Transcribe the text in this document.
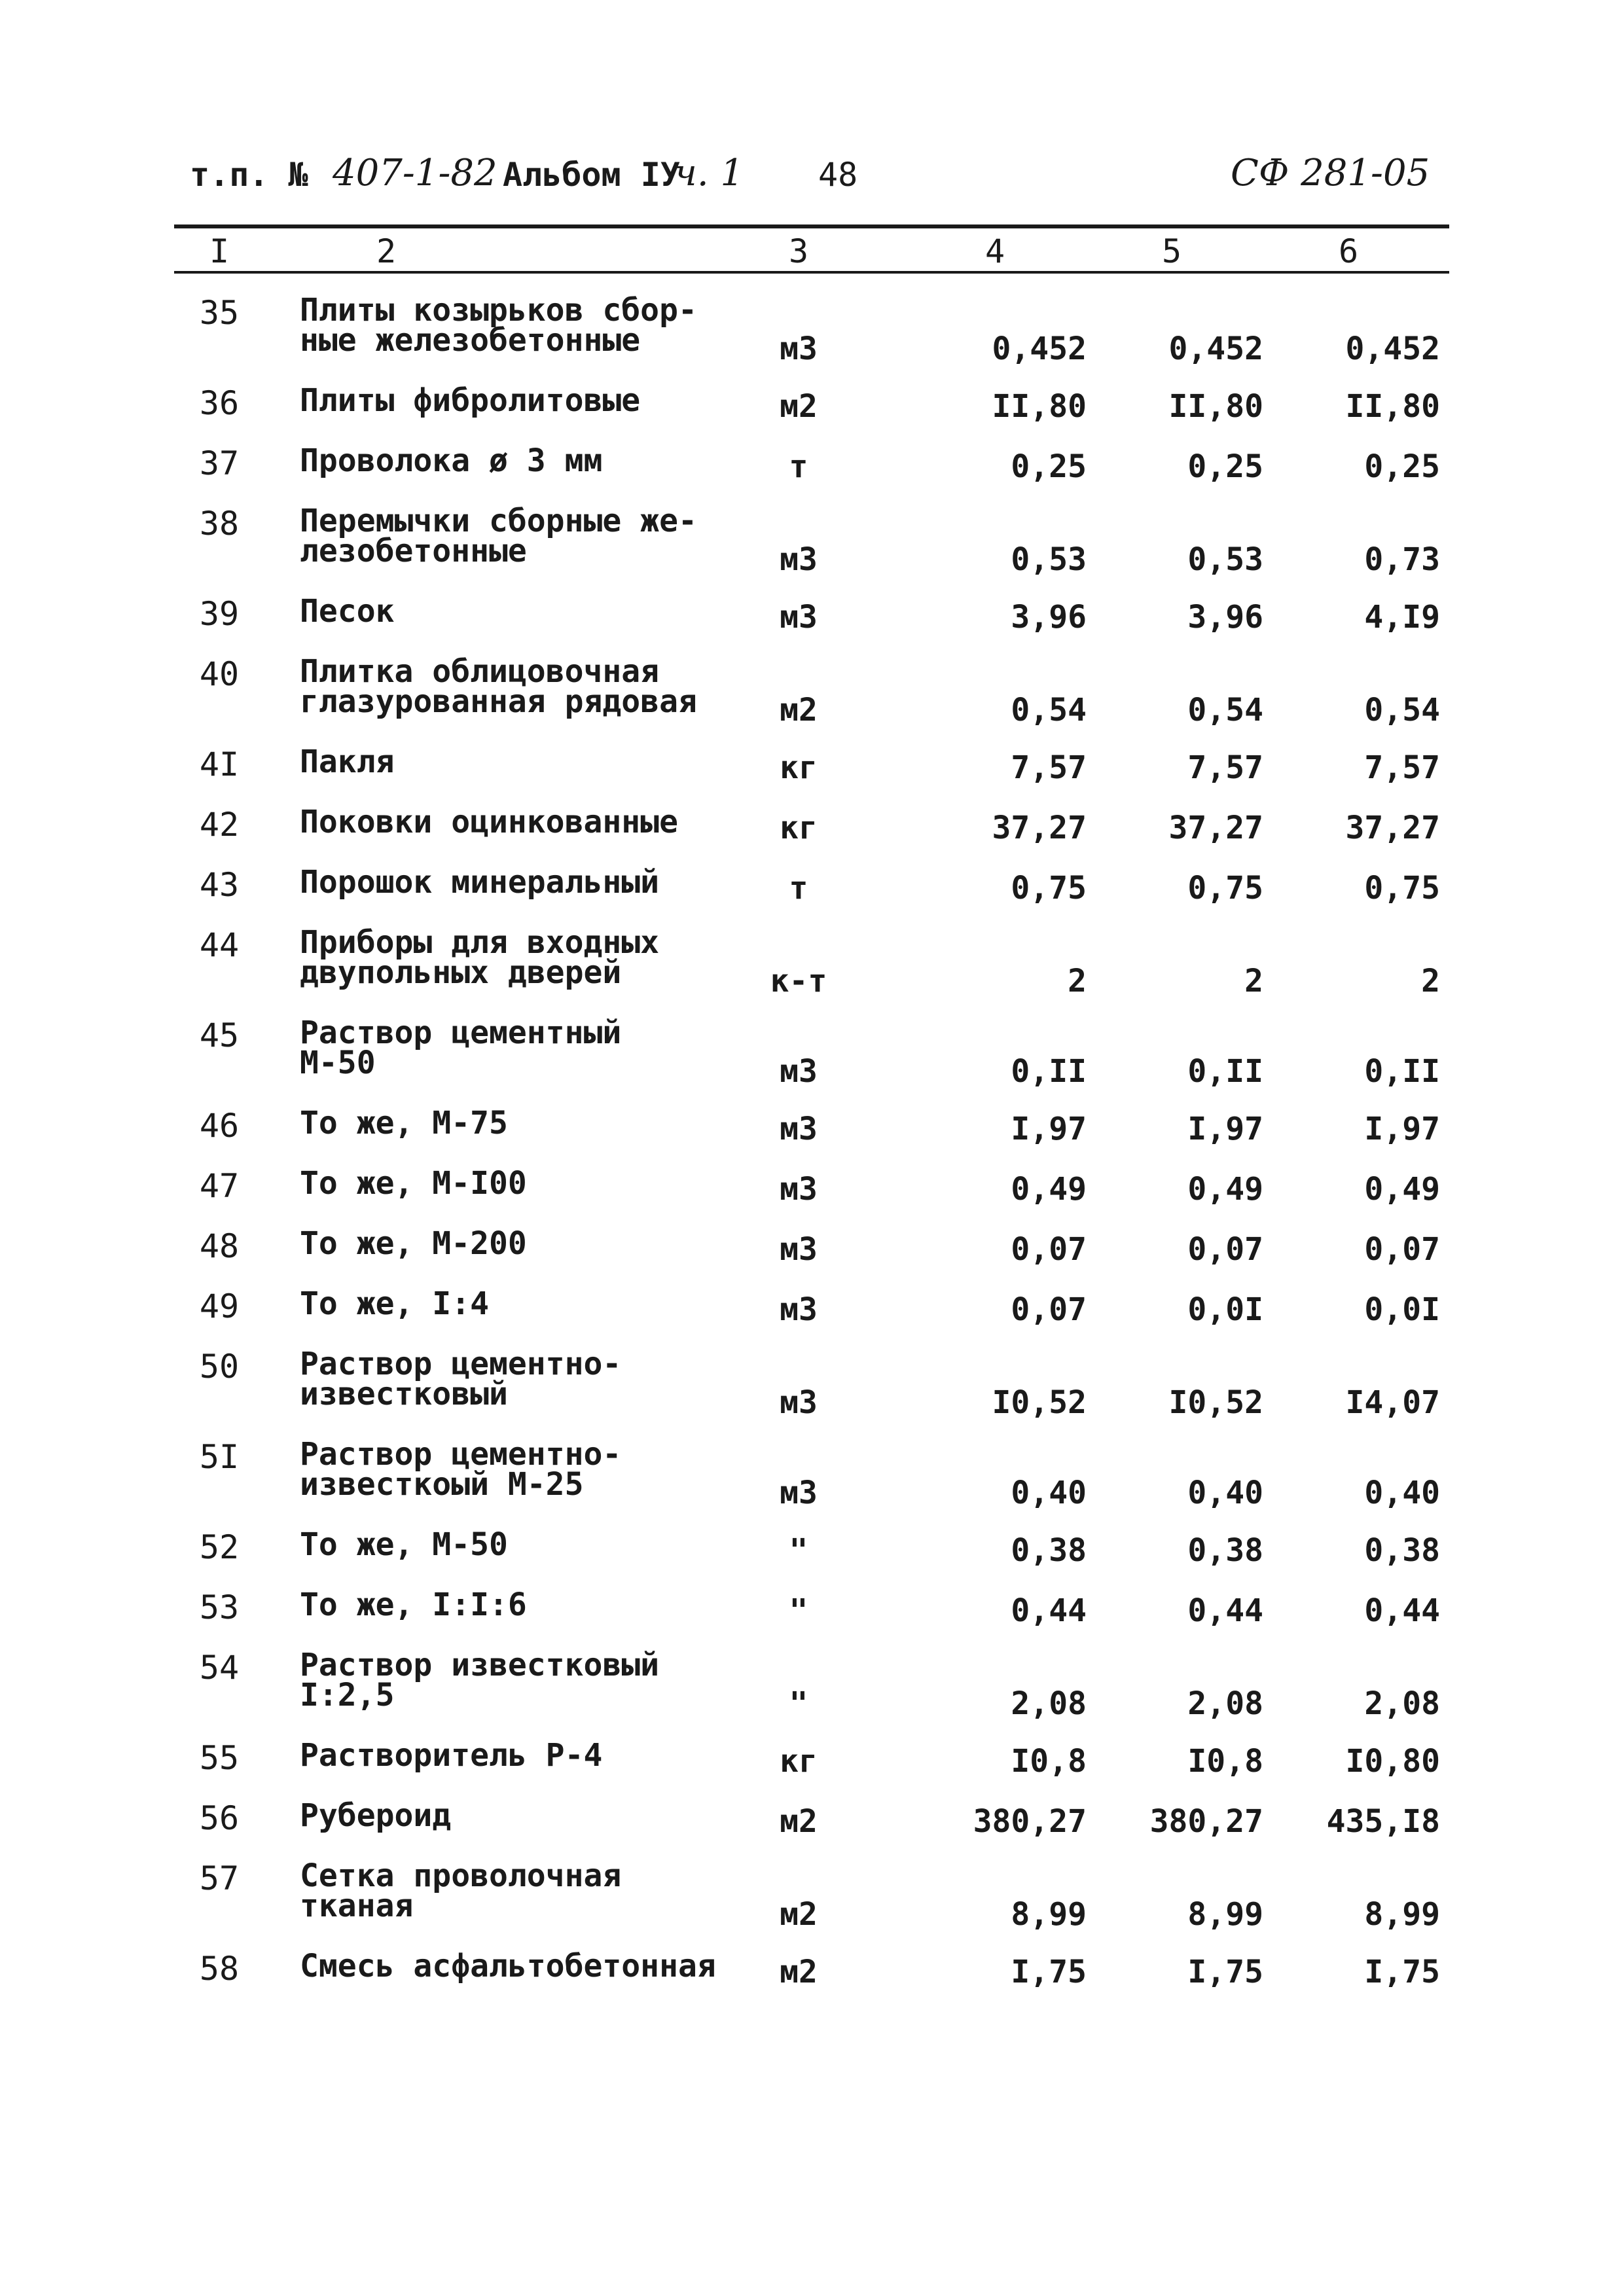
т.п. № 407-1-82 Альбом IУ
ч. 1 48	СФ 281-05
I	2	3	4	5	6
35	Плиты козырьков сбор-
ные железобетонные	м3	0,452	0,452	0,452
36	Плиты фибролитовые	м2	II,80	II,80	II,80
37	Проволока ø 3 мм	т	0,25	0,25	0,25
38	Перемычки сборные же-
лезобетонные	м3	0,53	0,53	0,73
39	Песок	м3	3,96	3,96	4,I9
40	Плитка облицовочная
глазурованная рядовая	м2	0,54	0,54	0,54
4I	Пакля	кг	7,57	7,57	7,57
42	Поковки оцинкованные	кг	37,27	37,27	37,27
43	Порошок минеральный	т	0,75	0,75	0,75
44	Приборы для входных
двупольных дверей	к-т	2	2	2
45	Раствор цементный
М-50	м3	0,II	0,II	0,II
46	То же, М-75	м3	I,97	I,97	I,97
47	То же, М-I00	м3	0,49	0,49	0,49
48	То же, М-200	м3	0,07	0,07	0,07
49	То же, I:4	м3	0,07	0,0I	0,0I
50	Раствор цементно-
известковый	м3	I0,52	I0,52	I4,07
5I	Раствор цементно-
известкоый М-25	м3	0,40	0,40	0,40
52	То же, М-50	"	0,38	0,38	0,38
53	То же, I:I:6	"	0,44	0,44	0,44
54	Раствор известковый
I:2,5	"	2,08	2,08	2,08
55	Растворитель Р-4	кг	I0,8	I0,8	I0,80
56	Рубероид	м2	380,27	380,27	435,I8
57	Сетка проволочная
тканая	м2	8,99	8,99	8,99
58	Смесь асфальтобетонная	м2	I,75	I,75	I,75
